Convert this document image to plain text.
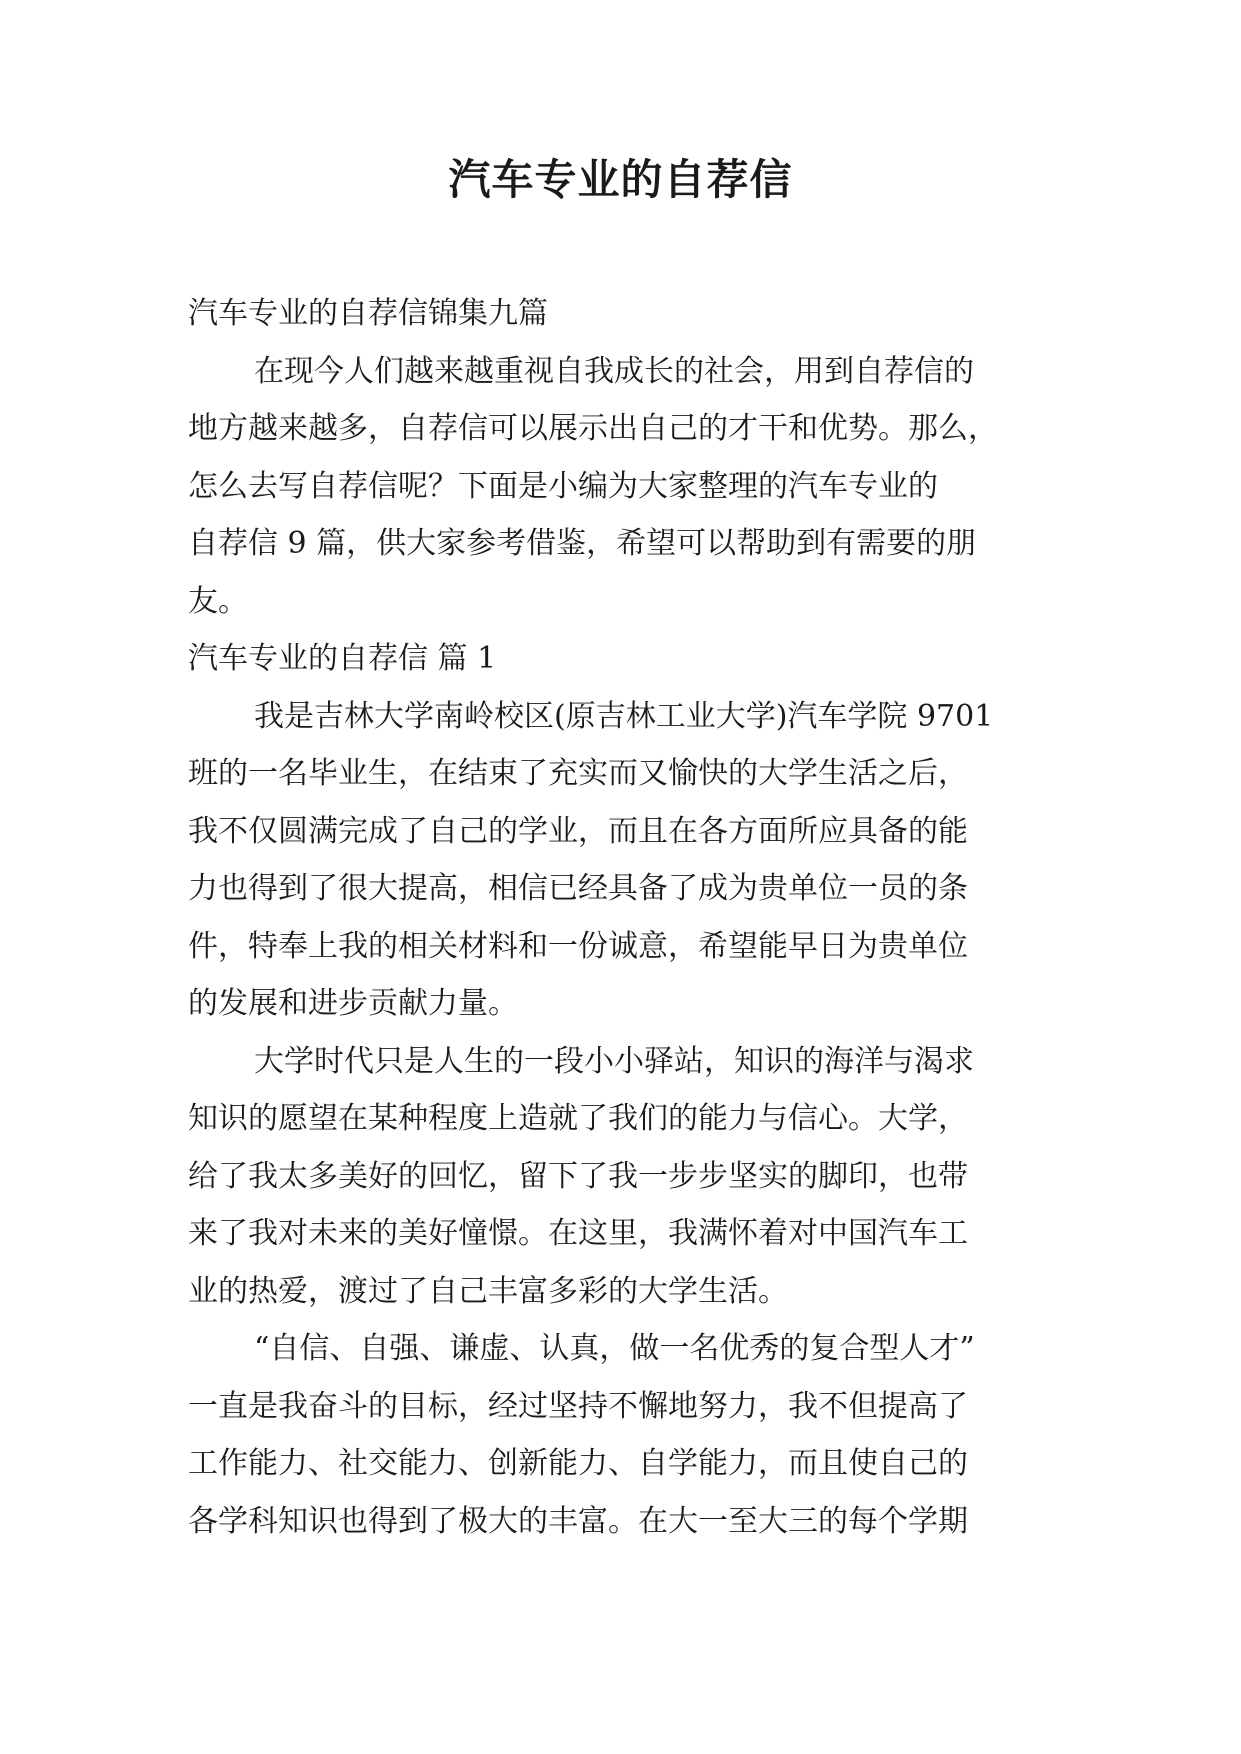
汽车专业的自荐信

汽车专业的自荐信锦集九篇

在现今人们越来越重视自我成长的社会，用到自荐信的

地方越来越多，自荐信可以展示出自己的才干和优势。那么，

怎么去写自荐信呢？下面是小编为大家整理的汽车专业的

自荐信 9 篇，供大家参考借鉴，希望可以帮助到有需要的朋

友。

汽车专业的自荐信 篇 1

我是吉林大学南岭校区(原吉林工业大学)汽车学院 9701

班的一名毕业生，在结束了充实而又愉快的大学生活之后，

我不仅圆满完成了自己的学业，而且在各方面所应具备的能

力也得到了很大提高，相信已经具备了成为贵单位一员的条

件，特奉上我的相关材料和一份诚意，希望能早日为贵单位

的发展和进步贡献力量。

大学时代只是人生的一段小小驿站，知识的海洋与渴求

知识的愿望在某种程度上造就了我们的能力与信心。大学，

给了我太多美好的回忆，留下了我一步步坚实的脚印，也带

来了我对未来的美好憧憬。在这里，我满怀着对中国汽车工

业的热爱，渡过了自己丰富多彩的大学生活。

“自信、自强、谦虚、认真，做一名优秀的复合型人才”

一直是我奋斗的目标，经过坚持不懈地努力，我不但提高了

工作能力、社交能力、创新能力、自学能力，而且使自己的

各学科知识也得到了极大的丰富。在大一至大三的每个学期
